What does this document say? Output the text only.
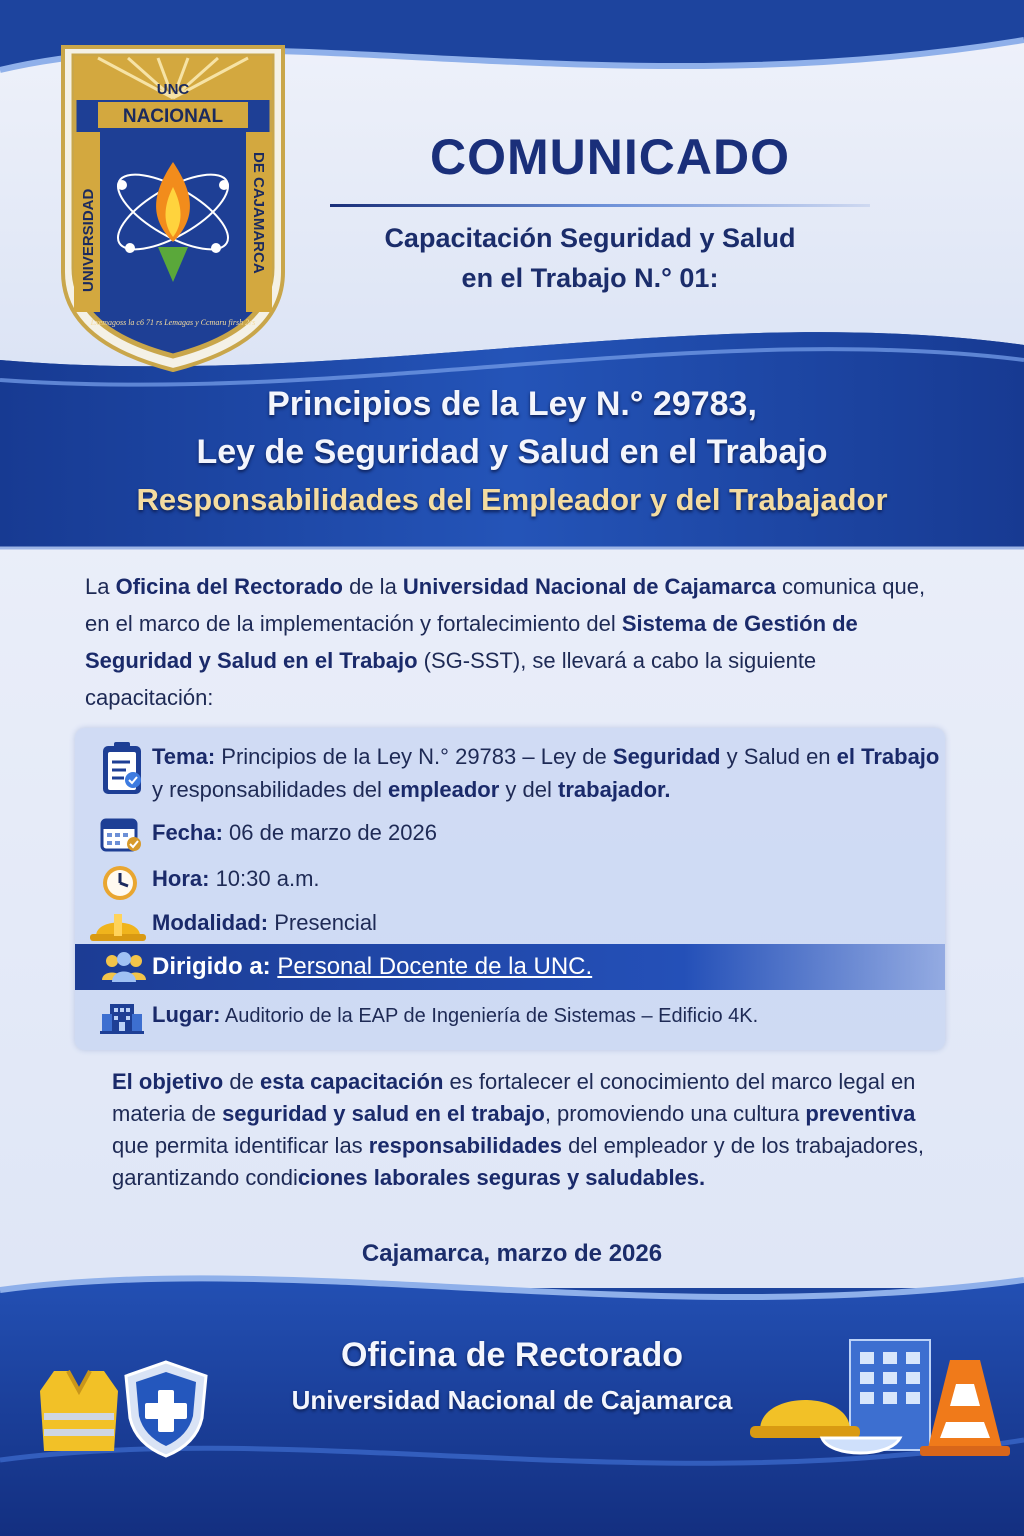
UNC
NACIONAL
UNIVERSIDAD	DE CAJAMARCA
Lxemagoss la c6 71 rs Lemagas y Ccmaru firsh 2rs
COMUNICADO
Capacitación Seguridad y Salud
en el Trabajo N.° 01:
Principios de la Ley N.° 29783,
Ley de Seguridad y Salud en el Trabajo
Responsabilidades del Empleador y del Trabajador
La Oficina del Rectorado de la Universidad Nacional de Cajamarca comunica que, en el marco de la implementación y fortalecimiento del Sistema de Gestión de Seguridad y Salud en el Trabajo (SG-SST), se llevará a cabo la siguiente capacitación:
Tema: Principios de la Ley N.° 29783 – Ley de Seguridad y Salud en el Trabajo y responsabilidades del empleador y del trabajador.
Fecha: 06 de marzo de 2026
Hora: 10:30 a.m.
Modalidad: Presencial
Dirigido a: Personal Docente de la UNC.
Lugar: Auditorio de la EAP de Ingeniería de Sistemas – Edificio 4K.
El objetivo de esta capacitación es fortalecer el conocimiento del marco legal en materia de seguridad y salud en el trabajo, promoviendo una cultura preventiva que permita identificar las responsabilidades del empleador y de los trabajadores, garantizando condiciones laborales seguras y saludables.
Cajamarca, marzo de 2026
Oficina de Rectorado
Universidad Nacional de Cajamarca
